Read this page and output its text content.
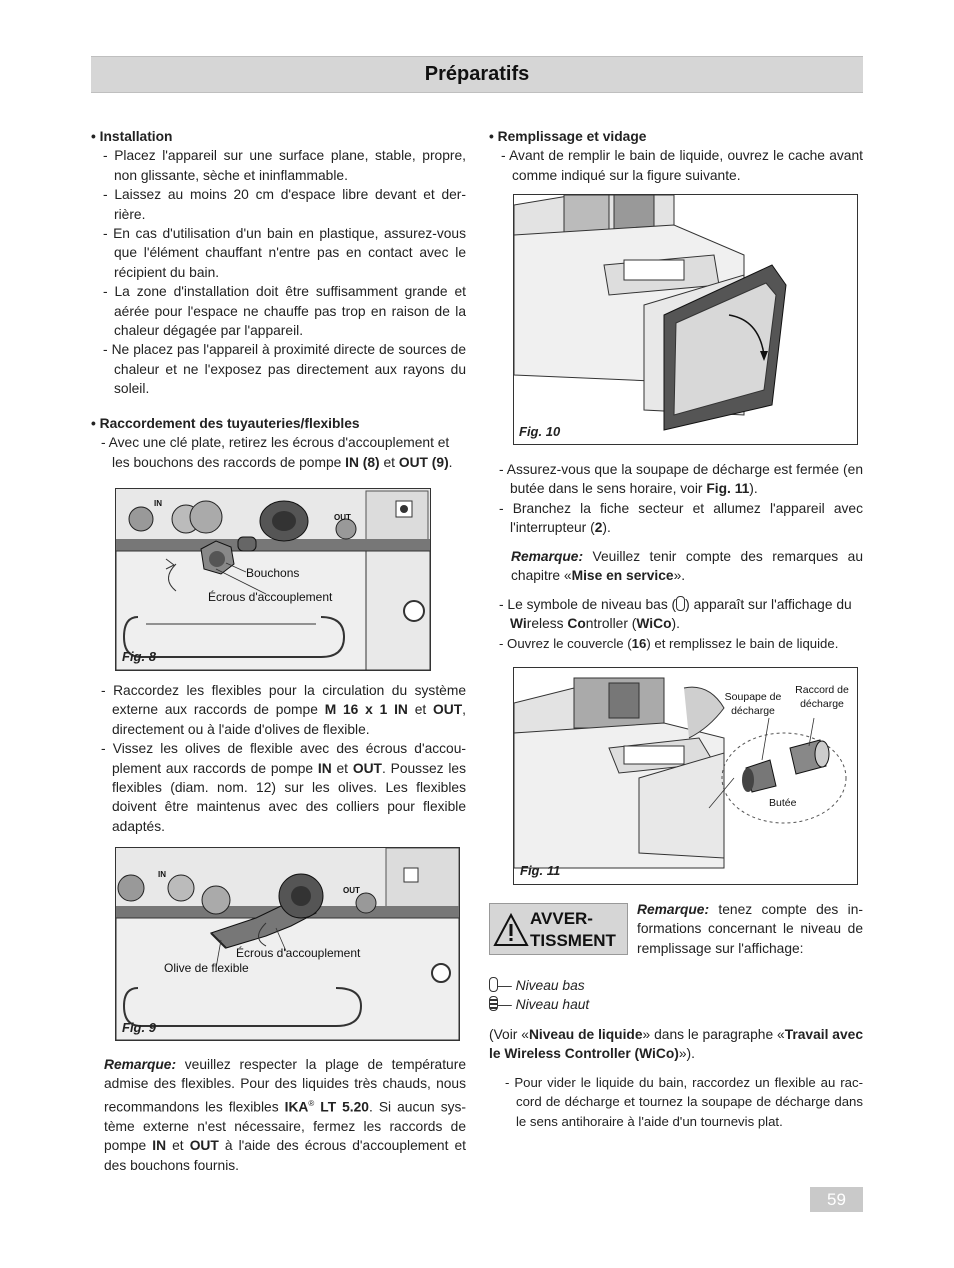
Préparatifs

• Installation

- Placez l'appareil sur une surface plane, stable, propre, non glissante, sèche et ininflammable.

- Laissez au moins 20 cm d'espace libre devant et der-rière.

- En cas d'utilisation d'un bain en plastique, assurez-vous que l'élément chauffant n'entre pas en contact avec le récipient du bain.

- La zone d'installation doit être suffisamment grande et aérée pour l'espace ne chauffe pas trop en raison de la chaleur dégagée par l'appareil.

- Ne placez pas l'appareil à proximité directe de sources de chaleur et ne l'exposez pas directement aux rayons du soleil.

• Raccordement des tuyauteries/flexibles

- Avec une clé plate, retirez les écrous d'accouplement et les bouchons des raccords de pompe IN (8) et OUT (9).

IN
OUT
Bouchons
Écrous d'accouplement
Fig. 8

- Raccordez les flexibles pour la circulation du système externe aux raccords de pompe M 16 x 1 IN et OUT, directement ou à l'aide d'olives de flexible.

- Vissez les olives de flexible avec des écrous d'accou-plement aux raccords de pompe IN et OUT. Poussez les flexibles (diam. nom. 12) sur les olives. Les flexibles doivent être maintenus avec des colliers pour flexible adaptés.

IN
OUT
Écrous d'accouplement
Olive de flexible
Fig. 9

Remarque: veuillez respecter la plage de température admise des flexibles. Pour des liquides très chauds, nous recommandons les flexibles IKA® LT 5.20. Si aucun sys-tème externe n'est nécessaire, fermez les raccords de pompe IN et OUT à l'aide des écrous d'accouplement et des bouchons fournis.

• Remplissage et vidage

- Avant de remplir le bain de liquide, ouvrez le cache avant comme indiqué sur la figure suivante.

Fig. 10

- Assurez-vous que la soupape de décharge est fermée (en butée dans le sens horaire, voir Fig. 11).

- Branchez la fiche secteur et allumez l'appareil avec l'interrupteur (2).

Remarque: Veuillez tenir compte des remarques au chapitre «Mise en service».

- Le symbole de niveau bas ( ) apparaît sur l'affichage du Wireless Controller (WiCo).

- Ouvrez le couvercle (16) et remplissez le bain de liquide.

Soupape de décharge
Raccord de décharge
Butée
Fig. 11
AVVER-
TISSMENT

Remarque: tenez compte des in-formations concernant le niveau de remplissage sur l'affichage:

— Niveau bas

— Niveau haut

(Voir «Niveau de liquide» dans le paragraphe «Travail avec le Wireless Controller (WiCo)»).

- Pour vider le liquide du bain, raccordez un flexible au rac-cord de décharge et tournez la soupape de décharge dans le sens antihoraire à l'aide d'un tournevis plat.

59
